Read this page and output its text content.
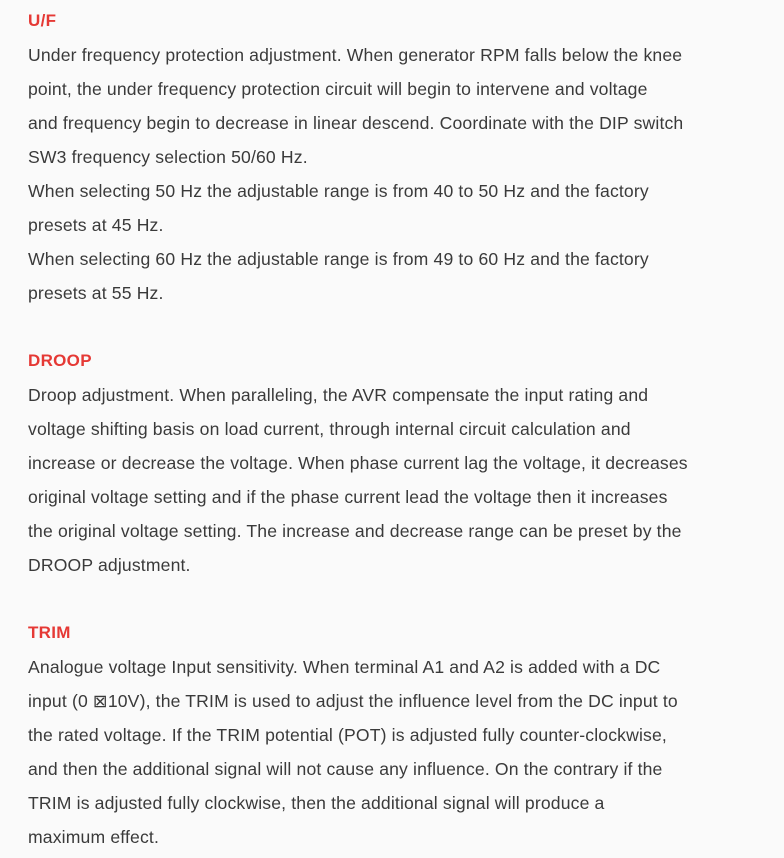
U/F

Under frequency protection adjustment. When generator RPM falls below the knee
point, the under frequency protection circuit will begin to intervene and voltage
and frequency begin to decrease in linear descend. Coordinate with the DIP switch
SW3 frequency selection 50/60 Hz.

When selecting 50 Hz the adjustable range is from 40 to 50 Hz and the factory
presets at 45 Hz.

When selecting 60 Hz the adjustable range is from 49 to 60 Hz and the factory
presets at 55 Hz.

DROOP

Droop adjustment. When paralleling, the AVR compensate the input rating and
voltage shifting basis on load current, through internal circuit calculation and
increase or decrease the voltage. When phase current lag the voltage, it decreases
original voltage setting and if the phase current lead the voltage then it increases
the original voltage setting. The increase and decrease range can be preset by the
DROOP adjustment.

TRIM

Analogue voltage Input sensitivity. When terminal A1 and A2 is added with a DC
input (0 ⊠10V), the TRIM is used to adjust the influence level from the DC input to
the rated voltage. If the TRIM potential (POT) is adjusted fully counter-clockwise,
and then the additional signal will not cause any influence. On the contrary if the
TRIM is adjusted fully clockwise, then the additional signal will produce a
maximum effect.
